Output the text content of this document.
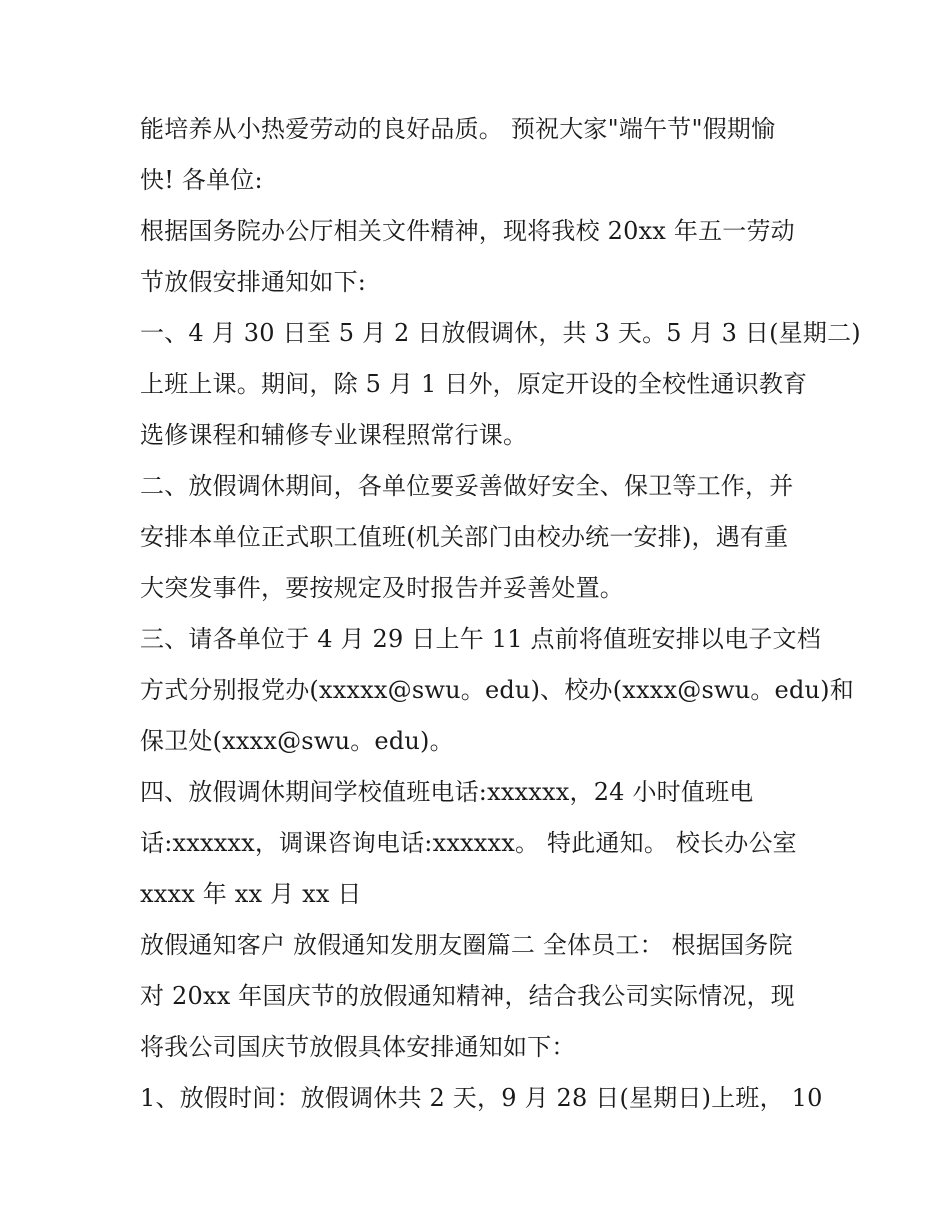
能培养从小热爱劳动的良好品质。 预祝大家"端午节"假期愉
快! 各单位:
根据国务院办公厅相关文件精神，现将我校 20xx 年五一劳动
节放假安排通知如下:
一、4 月 30 日至 5 月 2 日放假调休，共 3 天。5 月 3 日(星期二)
上班上课。期间，除 5 月 1 日外，原定开设的全校性通识教育
选修课程和辅修专业课程照常行课。
二、放假调休期间，各单位要妥善做好安全、保卫等工作，并
安排本单位正式职工值班(机关部门由校办统一安排)，遇有重
大突发事件，要按规定及时报告并妥善处置。
三、请各单位于 4 月 29 日上午 11 点前将值班安排以电子文档
方式分别报党办(xxxxx@swu。edu)、校办(xxxx@swu。edu)和
保卫处(xxxx@swu。edu)。
四、放假调休期间学校值班电话:xxxxxx，24 小时值班电
话:xxxxxx，调课咨询电话:xxxxxx。 特此通知。 校长办公室
xxxx 年 xx 月 xx 日
放假通知客户 放假通知发朋友圈篇二 全体员工： 根据国务院
对 20xx 年国庆节的放假通知精神，结合我公司实际情况，现
将我公司国庆节放假具体安排通知如下：
1、放假时间：放假调休共 2 天，9 月 28 日(星期日)上班， 10
